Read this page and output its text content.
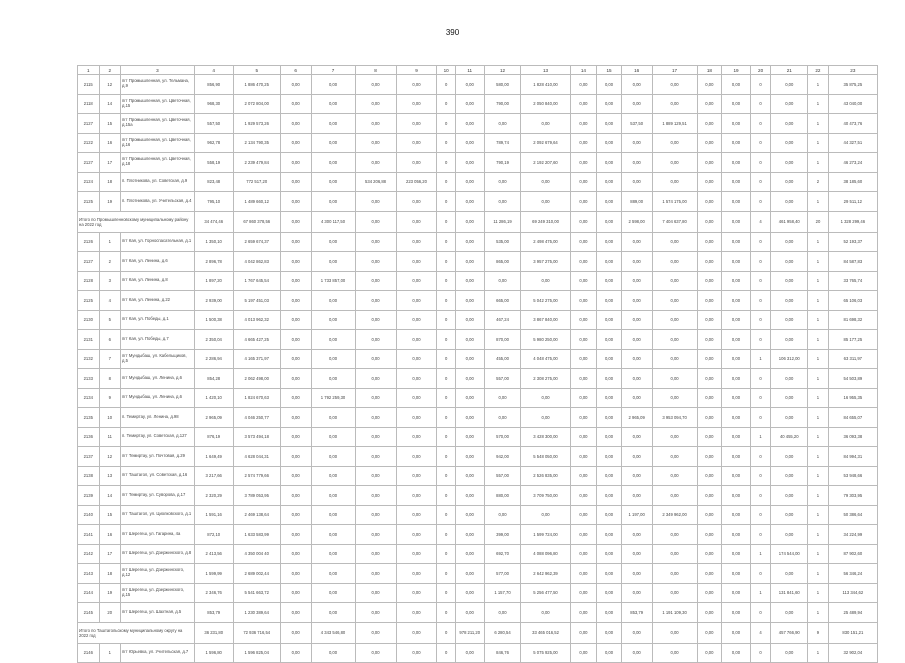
390
1	2	3	4	5	6	7	8	9	10	11	12	13	14	15	16	17	18	19	20	21	22	23
2115	12	пгт Промышленная, ул. Тельмана, д.9	856,90	1 886 470,25	0,00	0,00	0,00	0,00	0	0,00	580,00	1 828 410,00	0,00	0,00	0,00	0,00	0,00	0,00	0	0,00	1	35 875,25
2118	14	пгт Промышленная, ул. Цветочная, д.15	968,30	2 072 804,00	0,00	0,00	0,00	0,00	0	0,00	790,00	2 050 840,00	0,00	0,00	0,00	0,00	0,00	0,00	0	0,00	1	43 040,00
2127	15	пгт Промышленная, ул. Цветочная, д.15а	557,50	1 929 573,26	0,00	0,00	0,00	0,00	0	0,00	0,00	0,00	0,00	0,00	537,50	1 889 129,51	0,00	0,00	0	0,00	1	40 473,76
2122	16	пгт Промышленная, ул. Цветочная, д.16	962,78	2 134 790,35	0,00	0,00	0,00	0,00	0	0,00	789,74	2 092 679,64	0,00	0,00	0,00	0,00	0,00	0,00	0	0,00	1	44 327,51
2127	17	пгт Промышленная, ул. Цветочная, д.18	558,19	2 239 479,84	0,00	0,00	0,00	0,00	0	0,00	790,19	2 192 207,60	0,00	0,00	0,00	0,00	0,00	0,00	0	0,00	1	46 273,24
2124	18	п. Плотникова, ул. Советская, д.9	823,48	772 517,20	0,00	0,00	534 206,88	223 056,20	0	0,00	0,00	0,00	0,00	0,00	0,00	0,00	0,00	0,00	0	0,00	2	38 185,60
2125	19	п. Плотникова, ул. Учительская, д.4	795,10	1 489 660,12	0,00	0,00	0,00	0,00	0	0,00	0,00	0,00	0,00	0,00	889,00	1 574 175,00	0,00	0,00	0	0,00	1	29 511,12
Итого по Промышленновскому муниципальному району на 2022 год			34 474,46	67 860 378,56	0,00	4 300 117,50	0,00	0,00	0	0,00	11 286,19	69 249 310,00	0,00	0,00	2 598,00	7 404 637,80	0,00	0,00	4	461 958,40	20	1 328 299,46
2126	1	пгт Кая, ул. Горноспасательная, д.1	1 350,10	2 659 674,37	0,00	0,00	0,00	0,00	0	0,00	535,00	2 498 475,00	0,00	0,00	0,00	0,00	0,00	0,00	0	0,00	1	52 193,37
2127	2	пгт Кая, ул. Ленина, д.6	2 896,78	4 042 862,83	0,00	0,00	0,00	0,00	0	0,00	865,00	3 957 275,00	0,00	0,00	0,00	0,00	0,00	0,00	0	0,00	1	84 587,83
2128	3	пгт Кая, ул. Ленина, д.8	1 897,20	1 767 645,54	0,00	1 733 857,00	0,00	0,00	0	0,00	0,00	0,00	0,00	0,00	0,00	0,00	0,00	0,00	0	0,00	1	33 765,74
2125	4	пгт Кая, ул. Ленина, д.22	2 939,00	5 197 451,03	0,00	0,00	0,00	0,00	0	0,00	665,00	5 042 275,00	0,00	0,00	0,00	0,00	0,00	0,00	0	0,00	1	65 106,03
2130	5	пгт Кая, ул. Победы, д.1	1 500,38	4 013 962,32	0,00	0,00	0,00	0,00	0	0,00	467,24	3 867 840,00	0,00	0,00	0,00	0,00	0,00	0,00	0	0,00	1	81 698,32
2131	6	пгт Кая, ул. Победы, д.7	2 350,04	4 665 427,25	0,00	0,00	0,00	0,00	0	0,00	870,00	5 980 250,00	0,00	0,00	0,00	0,00	0,00	0,00	0	0,00	1	85 177,25
2132	7	пгт Мундыбаш, ул. Кабельщиков, д.5	2 286,94	4 165 371,97	0,00	0,00	0,00	0,00	0	0,00	455,00	4 048 475,00	0,00	0,00	0,00	0,00	0,00	0,00	1	106 312,00	1	63 311,97
2133	8	пгт Мундыбаш, ул. Ленина, д.6	854,28	2 062 498,00	0,00	0,00	0,00	0,00	0	0,00	557,00	2 308 275,00	0,00	0,00	0,00	0,00	0,00	0,00	0	0,00	1	54 503,89
2134	9	пгт Мундыбаш, ул. Ленина, д.6	1 420,10	1 824 670,63	0,00	1 792 259,30	0,00	0,00	0	0,00	0,00	0,00	0,00	0,00	0,00	0,00	0,00	0,00	0	0,00	1	16 955,35
2135	10	п. Темиртау, ул. Ленина, д.98	2 965,09	4 046 250,77	0,00	0,00	0,00	0,00	0	0,00	0,00	0,00	0,00	0,00	2 965,09	3 953 094,70	0,00	0,00	0	0,00	1	84 655,07
2136	11	п. Темиртау, ул. Советская, д.127	876,19	3 573 494,18	0,00	0,00	0,00	0,00	0	0,00	570,00	3 428 300,00	0,00	0,00	0,00	0,00	0,00	0,00	1	40 455,20	1	36 093,38
2137	12	пгт Темиртау, ул. Почтовая, д.29	1 649,49	4 628 044,31	0,00	0,00	0,00	0,00	0	0,00	942,00	5 548 050,00	0,00	0,00	0,00	0,00	0,00	0,00	0	0,00	1	84 994,31
2138	13	пгт Таштагол, ул. Советская, д.16	3 217,66	2 574 779,66	0,00	0,00	0,00	0,00	0	0,00	557,00	2 526 835,00	0,00	0,00	0,00	0,00	0,00	0,00	0	0,00	1	53 948,66
2139	14	пгт Темиртау, ул. Суворова, д.17	2 320,29	3 789 053,95	0,00	0,00	0,00	0,00	0	0,00	880,00	3 709 750,00	0,00	0,00	0,00	0,00	0,00	0,00	0	0,00	1	79 303,95
2140	15	пгт Таштагол, ул. Циолковского, д.1	1 591,16	2 469 138,64	0,00	0,00	0,00	0,00	0	0,00	0,00	0,00	0,00	0,00	1 197,00	2 349 962,00	0,00	0,00	0	0,00	1	50 386,64
2141	16	пгт Шерегеш, ул. Гагарина, 4а	872,10	1 633 583,99	0,00	0,00	0,00	0,00	0	0,00	399,00	1 599 724,00	0,00	0,00	0,00	0,00	0,00	0,00	0	0,00	1	34 224,99
2142	17	пгт Шерегеш, ул. Дзержинского, д.8	2 413,56	4 350 004 40	0,00	0,00	0,00	0,00	0	0,00	692,70	4 088 096,80	0,00	0,00	0,00	0,00	0,00	0,00	1	174 544,00	1	87 902,60
2143	18	пгт Шерегеш, ул. Дзержинского, д.12	1 599,99	2 689 002,44	0,00	0,00	0,00	0,00	0	0,00	577,00	2 642 962,39	0,00	0,00	0,00	0,00	0,00	0,00	0	0,00	1	56 346,24
2144	19	пгт Шерегеш, ул. Дзержинского, д.15	2 346,76	5 541 663,72	0,00	0,00	0,00	0,00	0	0,00	1 157,70	5 256 477,50	0,00	0,00	0,00	0,00	0,00	0,00	1	131 841,60	1	113 344,62
2145	20	пгт Шерегеш, ул. Шахтная, д.5	853,79	1 230 389,64	0,00	0,00	0,00	0,00	0	0,00	0,00	0,00	0,00	0,00	853,79	1 191 109,30	0,00	0,00	0	0,00	1	25 489,94
Итого по Таштагольскому муниципальному округу на 2022 год			36 231,80	72 936 716,54	0,00	4 343 546,80	0,00	0,00	0	978 211,20	6 280,54	33 465 016,52	0,00	0,00	0,00	0,00	0,00	0,00	4	457 766,90	9	830 151,21
2146	1	пгт Юрьевка, ул. Учительская, д.7	1 596,80	1 596 825,04	0,00	0,00	0,00	0,00	0	0,00	846,76	5 075 925,00	0,00	0,00	0,00	0,00	0,00	0,00	0	0,00	1	32 902,04
